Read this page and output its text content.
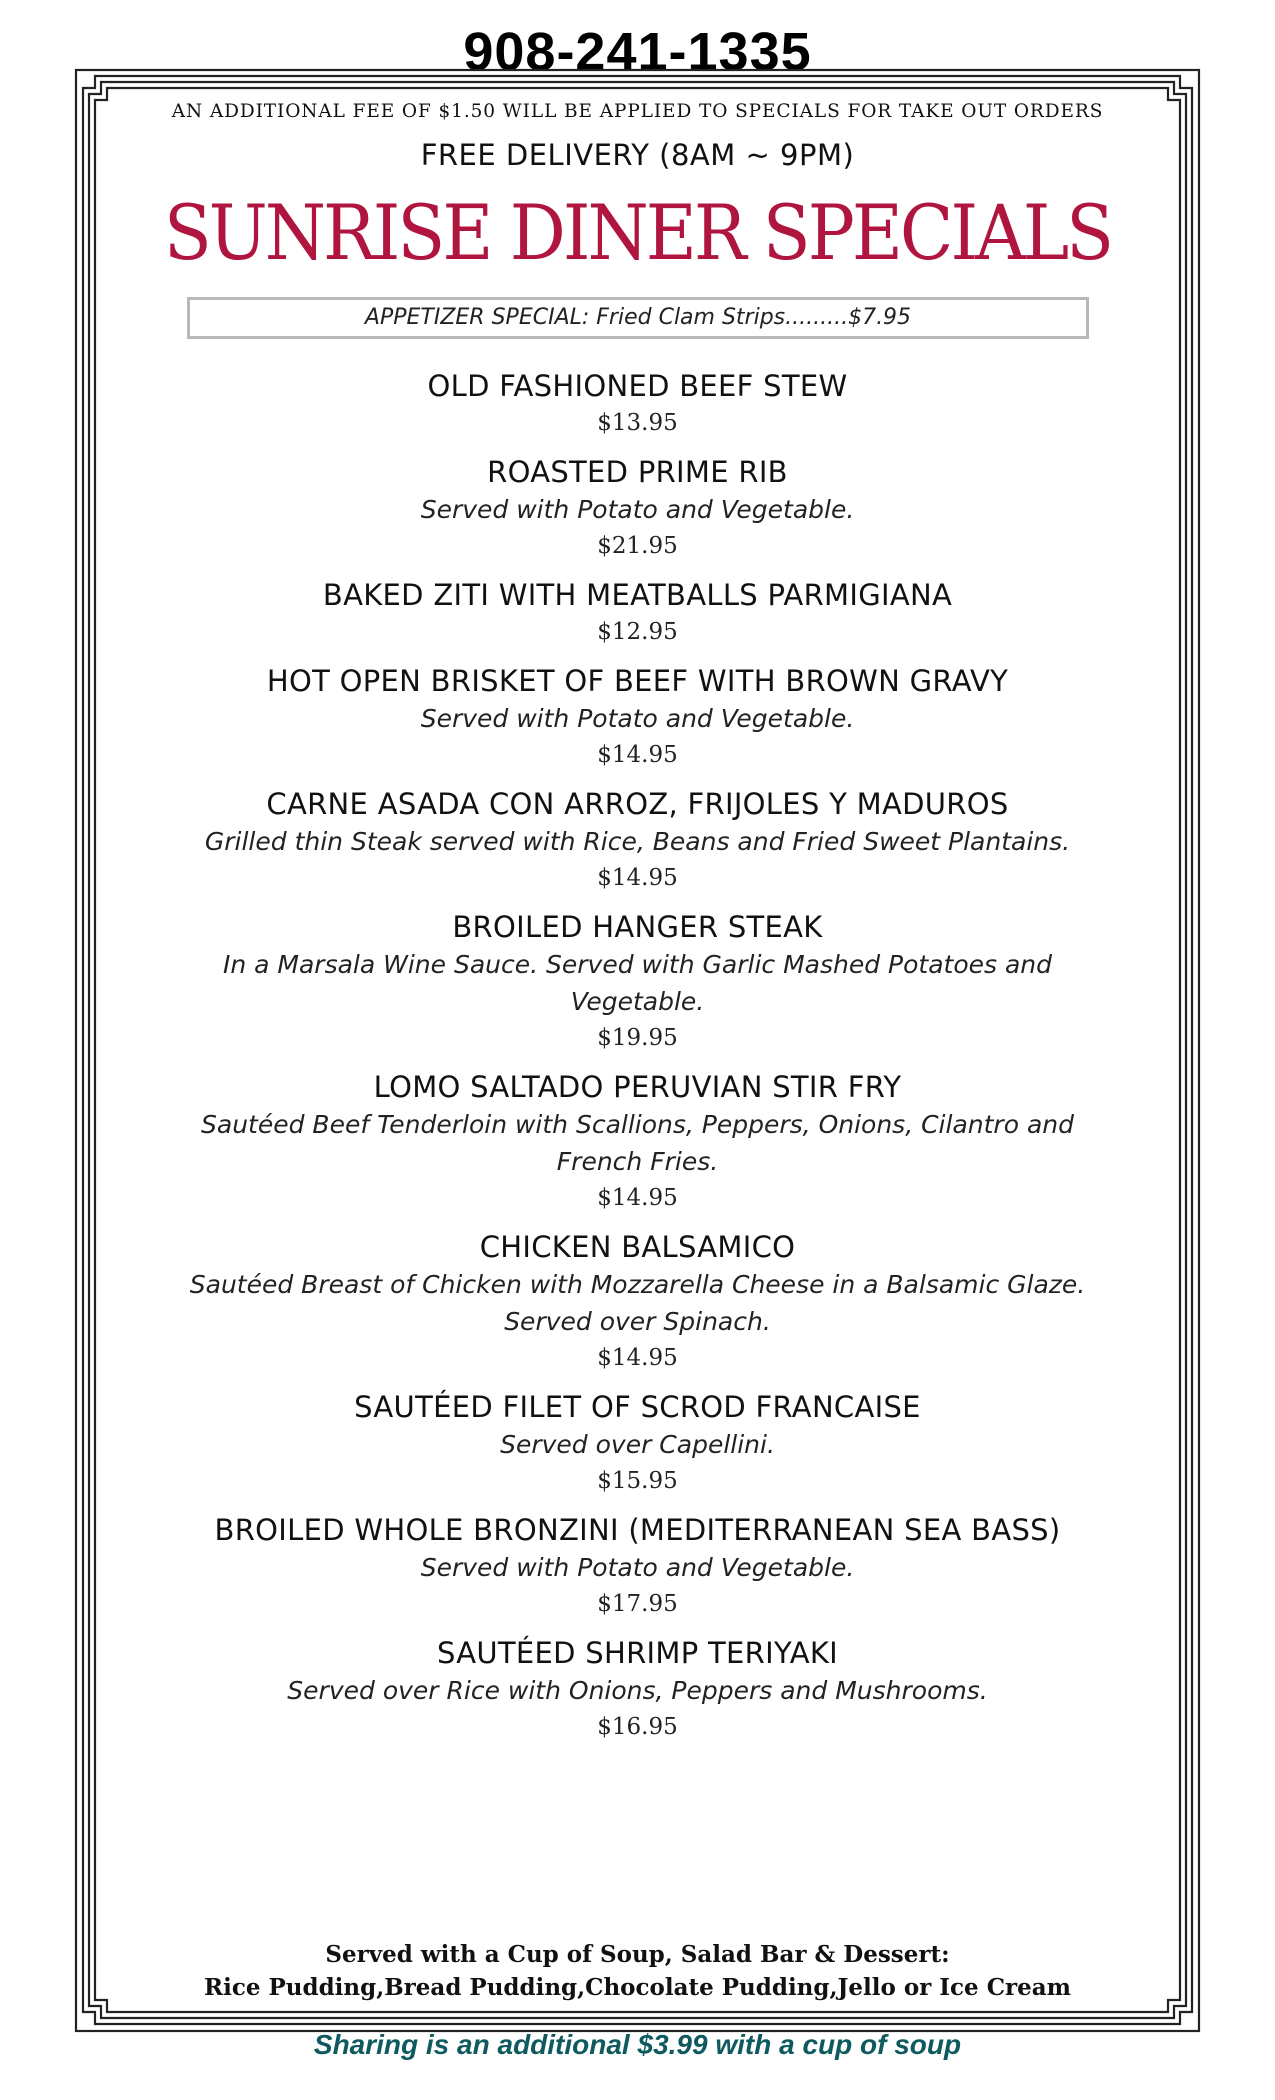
908-241-1335
AN ADDITIONAL FEE OF $1.50 WILL BE APPLIED TO SPECIALS FOR TAKE OUT ORDERS
FREE DELIVERY (8AM ~ 9PM)
SUNRISE DINER SPECIALS
APPETIZER SPECIAL: Fried Clam Strips.........$7.95
OLD FASHIONED BEEF STEW
$13.95
ROASTED PRIME RIB
Served with Potato and Vegetable.
$21.95
BAKED ZITI WITH MEATBALLS PARMIGIANA
$12.95
HOT OPEN BRISKET OF BEEF WITH BROWN GRAVY
Served with Potato and Vegetable.
$14.95
CARNE ASADA CON ARROZ, FRIJOLES Y MADUROS
Grilled thin Steak served with Rice, Beans and Fried Sweet Plantains.
$14.95
BROILED HANGER STEAK
In a Marsala Wine Sauce. Served with Garlic Mashed Potatoes and Vegetable.
$19.95
LOMO SALTADO PERUVIAN STIR FRY
Sautéed Beef Tenderloin with Scallions, Peppers, Onions, Cilantro and French Fries.
$14.95
CHICKEN BALSAMICO
Sautéed Breast of Chicken with Mozzarella Cheese in a Balsamic Glaze. Served over Spinach.
$14.95
SAUTÉED FILET OF SCROD FRANCAISE
Served over Capellini.
$15.95
BROILED WHOLE BRONZINI (MEDITERRANEAN SEA BASS)
Served with Potato and Vegetable.
$17.95
SAUTÉED SHRIMP TERIYAKI
Served over Rice with Onions, Peppers and Mushrooms.
$16.95
Served with a Cup of Soup, Salad Bar & Dessert:
Rice Pudding,Bread Pudding,Chocolate Pudding,Jello or Ice Cream
Sharing is an additional $3.99 with a cup of soup
